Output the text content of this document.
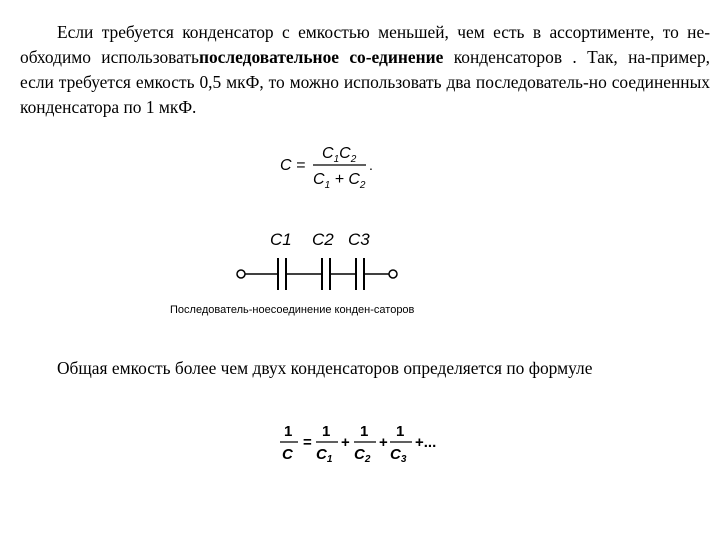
Если требуется конденсатор с емкостью меньшей, чем есть в ассортименте, то не-обходимо использоватьпоследовательное со-единение конденсаторов . Так, на-пример, если требуется емкость 0,5 мкФ, то можно использовать два последователь-но соединенных конденсатора по 1 мкФ.
C =
$C_1C_2$
$C_1 + C_2$
.
C1 C2 C3
Последователь-ноесоединение конден-саторов
Общая емкость более чем двух конденсаторов определяется по формуле
1
C
=
1
$C_1$
+
1
$C_2$
+
1
$C_3$
+...
